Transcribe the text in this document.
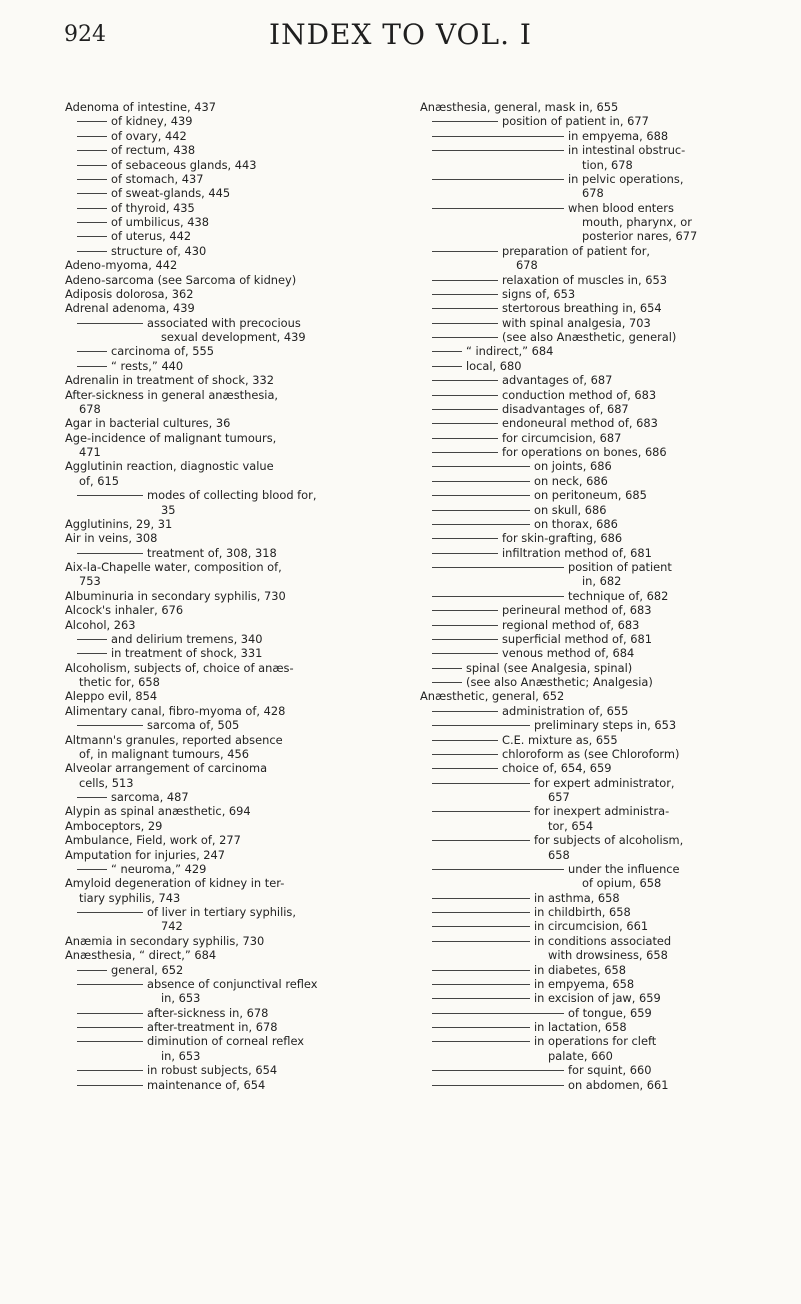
924	INDEX TO VOL. I
Adenoma of intestine, 437
of kidney, 439
of ovary, 442
of rectum, 438
of sebaceous glands, 443
of stomach, 437
of sweat-glands, 445
of thyroid, 435
of umbilicus, 438
of uterus, 442
structure of, 430
Adeno-myoma, 442
Adeno-sarcoma (see Sarcoma of kidney)
Adiposis dolorosa, 362
Adrenal adenoma, 439
associated with precocious
sexual development, 439
carcinoma of, 555
“ rests,” 440
Adrenalin in treatment of shock, 332
After-sickness in general anæsthesia,
678
Agar in bacterial cultures, 36
Age-incidence of malignant tumours,
471
Agglutinin reaction, diagnostic value
of, 615
modes of collecting blood for,
35
Agglutinins, 29, 31
Air in veins, 308
treatment of, 308, 318
Aix-la-Chapelle water, composition of,
753
Albuminuria in secondary syphilis, 730
Alcock's inhaler, 676
Alcohol, 263
and delirium tremens, 340
in treatment of shock, 331
Alcoholism, subjects of, choice of anæs-
thetic for, 658
Aleppo evil, 854
Alimentary canal, fibro-myoma of, 428
sarcoma of, 505
Altmann's granules, reported absence
of, in malignant tumours, 456
Alveolar arrangement of carcinoma
cells, 513
sarcoma, 487
Alypin as spinal anæsthetic, 694
Amboceptors, 29
Ambulance, Field, work of, 277
Amputation for injuries, 247
“ neuroma,” 429
Amyloid degeneration of kidney in ter-
tiary syphilis, 743
of liver in tertiary syphilis,
742
Anæmia in secondary syphilis, 730
Anæsthesia, “ direct,” 684
general, 652
absence of conjunctival reflex
in, 653
after-sickness in, 678
after-treatment in, 678
diminution of corneal reflex
in, 653
in robust subjects, 654
maintenance of, 654
Anæsthesia, general, mask in, 655
position of patient in, 677
in empyema, 688
in intestinal obstruc-
tion, 678
in pelvic operations,
678
when blood enters
mouth, pharynx, or
posterior nares, 677
preparation of patient for,
678
relaxation of muscles in, 653
signs of, 653
stertorous breathing in, 654
with spinal analgesia, 703
(see also Anæsthetic, general)
“ indirect,” 684
local, 680
advantages of, 687
conduction method of, 683
disadvantages of, 687
endoneural method of, 683
for circumcision, 687
for operations on bones, 686
on joints, 686
on neck, 686
on peritoneum, 685
on skull, 686
on thorax, 686
for skin-grafting, 686
infiltration method of, 681
position of patient
in, 682
technique of, 682
perineural method of, 683
regional method of, 683
superficial method of, 681
venous method of, 684
spinal (see Analgesia, spinal)
(see also Anæsthetic; Analgesia)
Anæsthetic, general, 652
administration of, 655
preliminary steps in, 653
C.E. mixture as, 655
chloroform as (see Chloroform)
choice of, 654, 659
for expert administrator,
657
for inexpert administra-
tor, 654
for subjects of alcoholism,
658
under the influence
of opium, 658
in asthma, 658
in childbirth, 658
in circumcision, 661
in conditions associated
with drowsiness, 658
in diabetes, 658
in empyema, 658
in excision of jaw, 659
of tongue, 659
in lactation, 658
in operations for cleft
palate, 660
for squint, 660
on abdomen, 661
